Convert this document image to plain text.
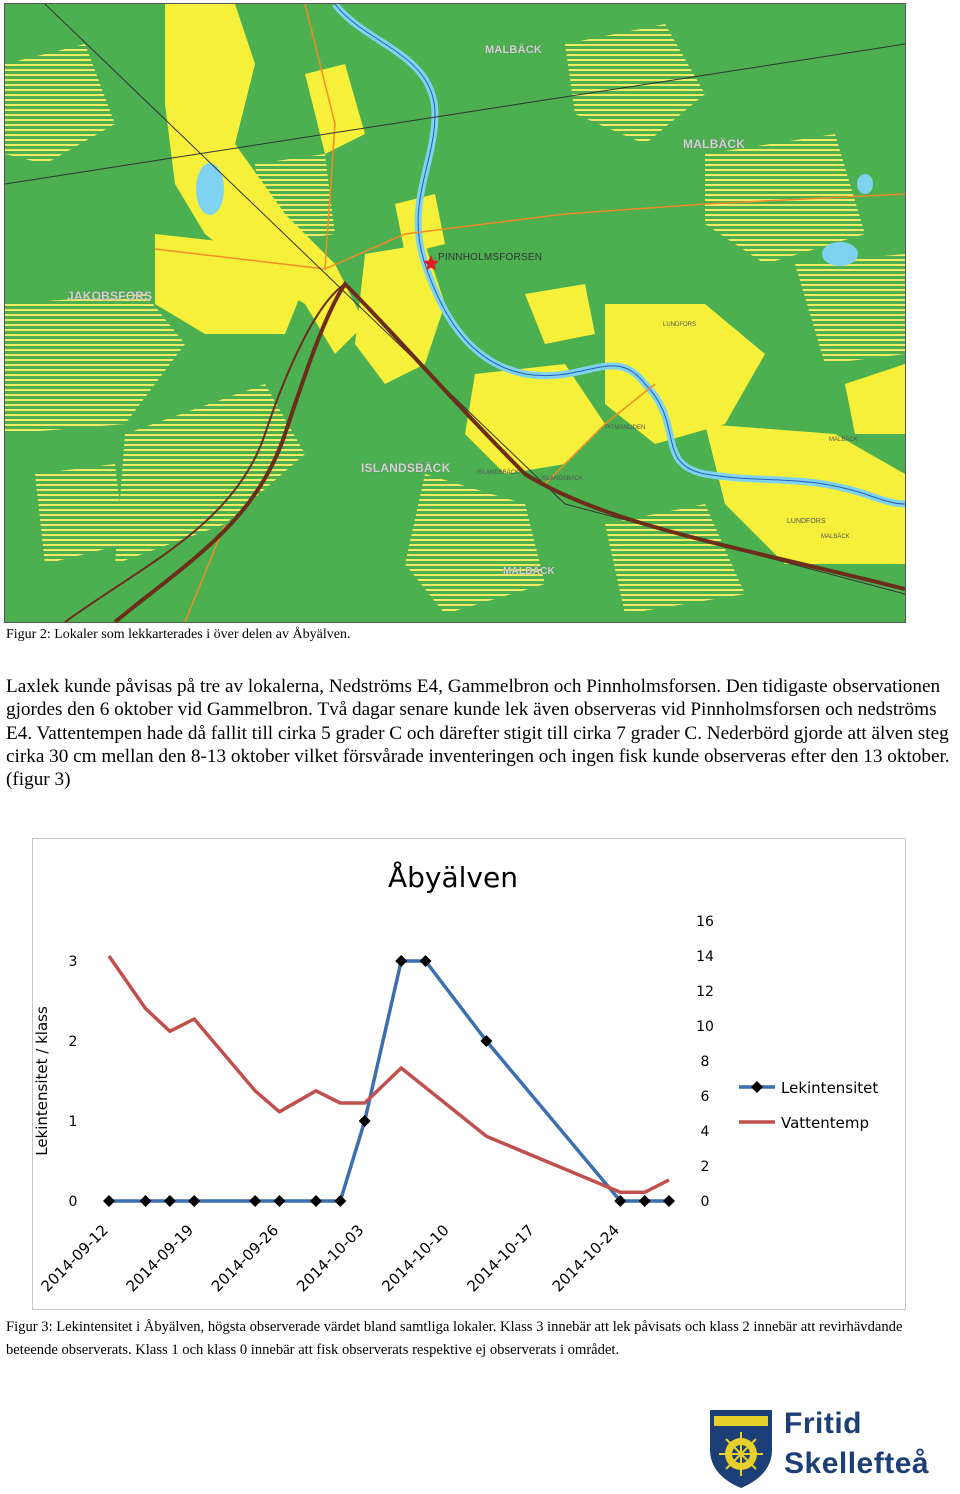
MALBÄCK
MALBÄCK
PINNHOLMSFORSEN
JAKOBSFORS
ISLANDSBÄCK
MALBÄCK
LUNDFORS
LUNDFORS
PITMANLIDEN
ISLANDSBÄCK
ISLANDSBÄCK
MALBÄCK
MALBÄCK
Figur 2: Lokaler som lekkarterades i över delen av Åbyälven.
Laxlek kunde påvisas på tre av lokalerna, Nedströms E4, Gammelbron och Pinnholmsforsen. Den tidigaste observationen gjordes den 6 oktober vid Gammelbron. Två dagar senare kunde lek även observeras vid Pinnholmsforsen och nedströms E4. Vattentempen hade då fallit till cirka 5 grader C och därefter stigit till cirka 7 grader C. Nederbörd gjorde att älven steg cirka 30 cm mellan den 8-13 oktober vilket försvårade inventeringen och ingen fisk kunde observeras efter den 13 oktober. (figur 3)
Åbyälven
Lekintensitet / klass
0
1
2
3
0
2
4
6
8
10
12
14
16
2014-09-12 2014-09-19 2014-09-26 2014-10-03 2014-10-10 2014-10-17 2014-10-24
Lekintensitet
Vattentemp
Figur 3: Lekintensitet i Åbyälven, högsta observerade värdet bland samtliga lokaler. Klass 3 innebär att lek påvisats och klass 2 innebär att revirhävdande beteende observerats. Klass 1 och klass 0 innebär att fisk observerats respektive ej observerats i området.
Fritid
Skellefteå
